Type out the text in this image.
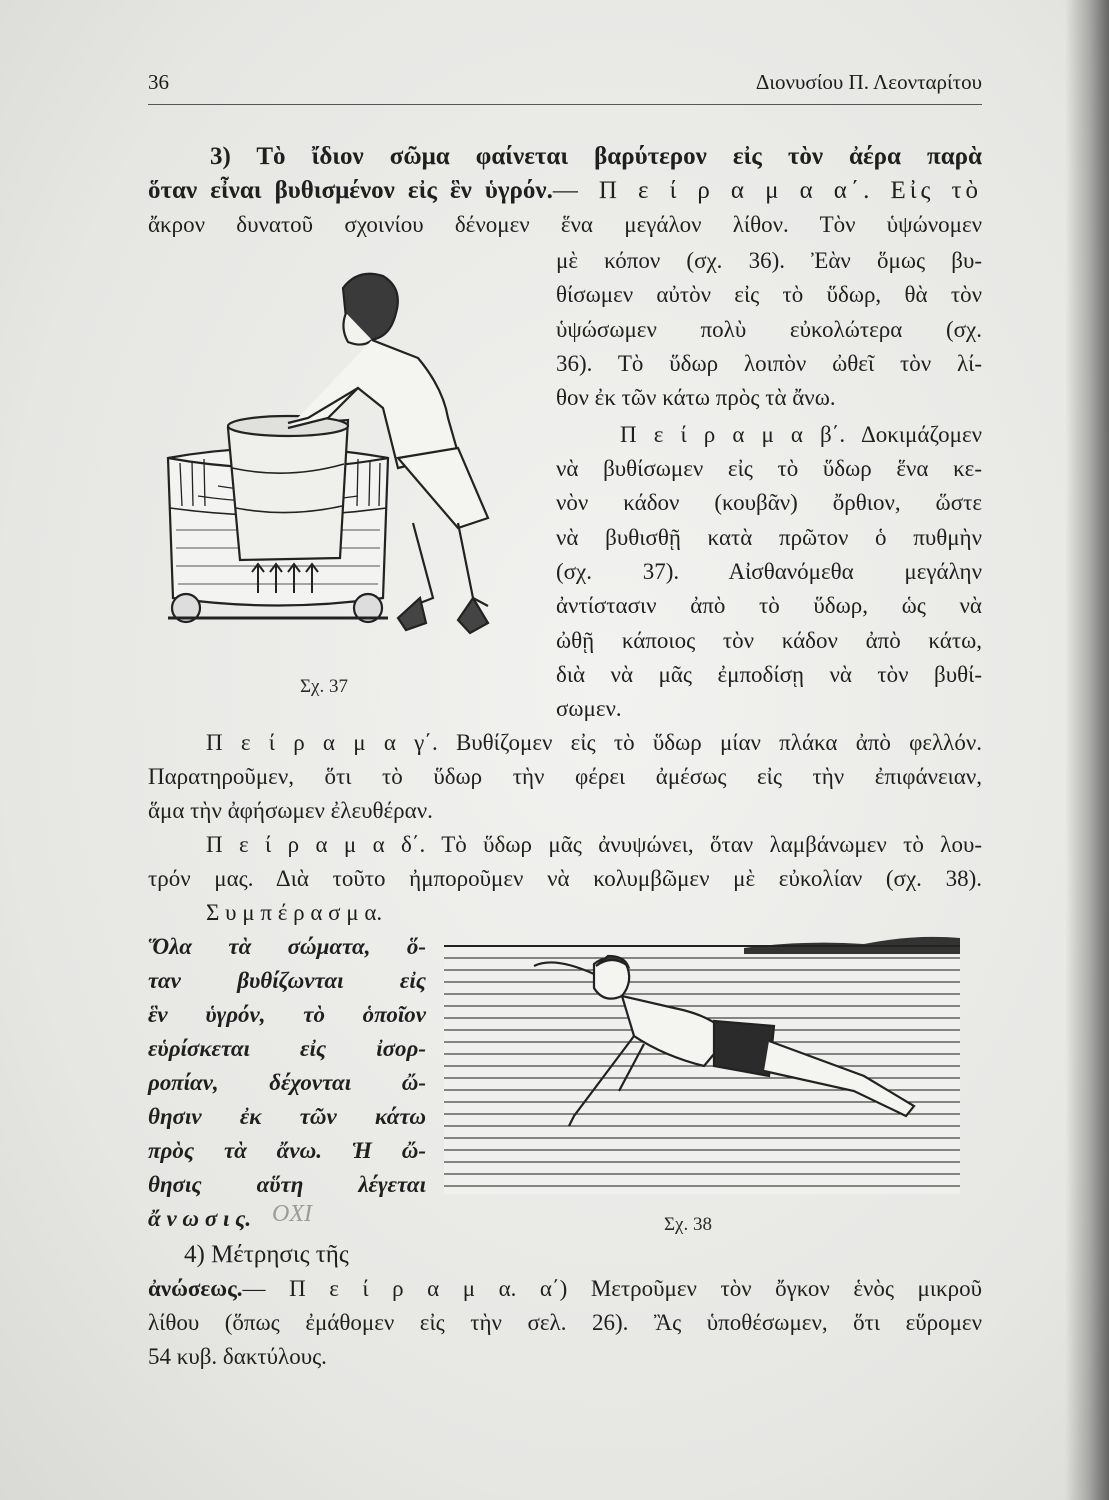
36	Διονυσίου Π. Λεονταρίτου
3) Τὸ ἴδιον σῶμα φαίνεται βαρύτερον εἰς τὸν ἀέρα παρὰ
ὅταν εἶναι βυθισμένον εἰς ἓν ὑγρόν.— Π ε ί ρ α μ α α΄. Εἰς τὸ
ἄκρον δυνατοῦ σχοινίου δένομεν ἕνα μεγάλον λίθον. Τὸν ὑψώνομεν
μὲ κόπον (σχ. 36). Ἐὰν ὅμως βυ-
θίσωμεν αὐτὸν εἰς τὸ ὕδωρ, θὰ τὸν
ὑψώσωμεν πολὺ εὐκολώτερα (σχ.
36). Τὸ ὕδωρ λοιπὸν ὠθεῖ τὸν λί-
θον ἐκ τῶν κάτω πρὸς τὰ ἄνω.
Π ε ί ρ α μ α β΄. Δοκιμάζομεν
νὰ βυθίσωμεν εἰς τὸ ὕδωρ ἕνα κε-
νὸν κάδον (κουβᾶν) ὄρθιον, ὥστε
νὰ βυθισθῇ κατὰ πρῶτον ὁ πυθμὴν
(σχ. 37). Αἰσθανόμεθα μεγάλην
ἀντίστασιν ἀπὸ τὸ ὕδωρ, ὡς νὰ
ὠθῇ κάποιος τὸν κάδον ἀπὸ κάτω,
διὰ νὰ μᾶς ἐμποδίσῃ νὰ τὸν βυθί-
σωμεν.
Σχ. 37
Π ε ί ρ α μ α γ΄. Βυθίζομεν εἰς τὸ ὕδωρ μίαν πλάκα ἀπὸ φελλόν.
Παρατηροῦμεν, ὅτι τὸ ὕδωρ τὴν φέρει ἀμέσως εἰς τὴν ἐπιφάνειαν,
ἅμα τὴν ἀφήσωμεν ἐλευθέραν.
Π ε ί ρ α μ α δ΄. Τὸ ὕδωρ μᾶς ἀνυψώνει, ὅταν λαμβάνωμεν τὸ λου-
τρόν μας. Διὰ τοῦτο ἠμποροῦμεν νὰ κολυμβῶμεν μὲ εὐκολίαν (σχ. 38).
Σ υ μ π έ ρ α σ μ α.
Ὅλα τὰ σώματα, ὅ-
ταν βυθίζωνται εἰς
ἓν ὑγρόν, τὸ ὁποῖον
εὑρίσκεται εἰς ἰσορ-
ροπίαν, δέχονται ὤ-
θησιν ἐκ τῶν κάτω
πρὸς τὰ ἄνω. Ἡ ὤ-
θησις αὕτη λέγεται
ἄ ν ω σ ι ς. ΟΧΙ	Σχ. 38
4) Μέτρησις τῆς
ἀνώσεως.— Π ε ί ρ α μ α. α΄) Μετροῦμεν τὸν ὄγκον ἑνὸς μικροῦ
λίθου (ὅπως ἐμάθομεν εἰς τὴν σελ. 26). Ἂς ὑποθέσωμεν, ὅτι εὕρομεν
54 κυβ. δακτύλους.
